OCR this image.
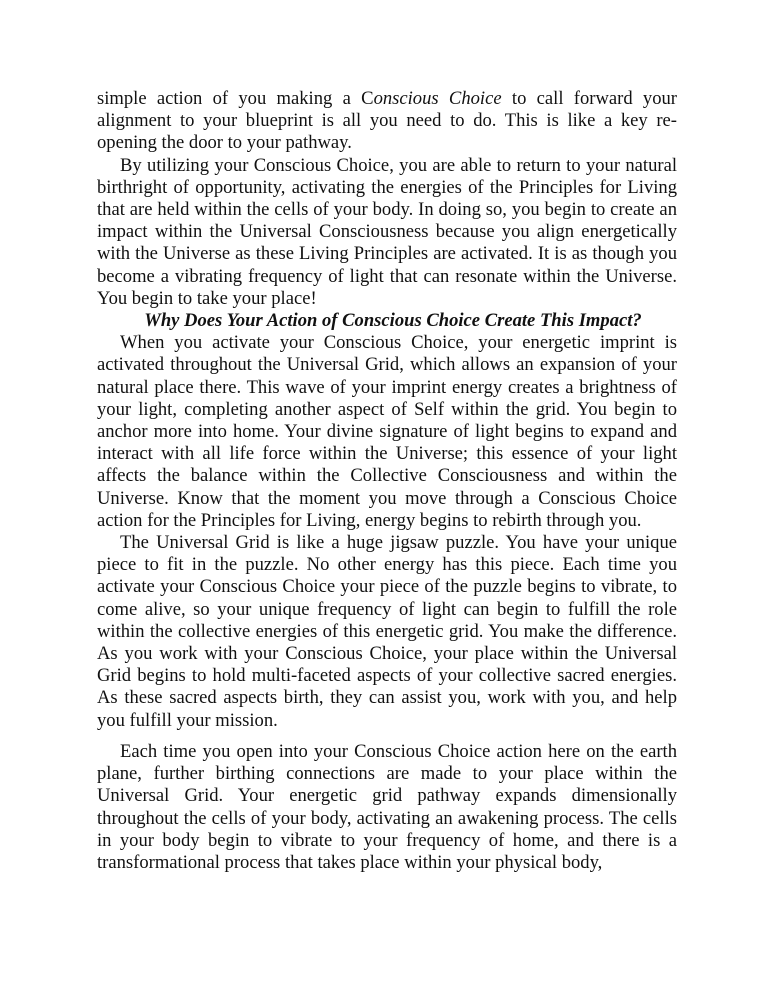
simple action of you making a Conscious Choice to call forward your alignment to your blueprint is all you need to do. This is like a key re-opening the door to your pathway.

By utilizing your Conscious Choice, you are able to return to your natural birthright of opportunity, activating the energies of the Principles for Living that are held within the cells of your body. In doing so, you begin to create an impact within the Universal Consciousness because you align energetically with the Universe as these Living Principles are activated. It is as though you become a vibrating frequency of light that can resonate within the Universe. You begin to take your place!

Why Does Your Action of Conscious Choice Create This Impact?

When you activate your Conscious Choice, your energetic imprint is activated throughout the Universal Grid, which allows an expansion of your natural place there. This wave of your imprint energy creates a brightness of your light, completing another aspect of Self within the grid. You begin to anchor more into home. Your divine signature of light begins to expand and interact with all life force within the Universe; this essence of your light affects the balance within the Collective Consciousness and within the Universe. Know that the moment you move through a Conscious Choice action for the Principles for Living, energy begins to rebirth through you.

The Universal Grid is like a huge jigsaw puzzle. You have your unique piece to fit in the puzzle. No other energy has this piece. Each time you activate your Conscious Choice your piece of the puzzle begins to vibrate, to come alive, so your unique frequency of light can begin to fulfill the role within the collective energies of this energetic grid. You make the difference. As you work with your Conscious Choice, your place within the Universal Grid begins to hold multi-faceted aspects of your collective sacred energies. As these sacred aspects birth, they can assist you, work with you, and help you fulfill your mission.

Each time you open into your Conscious Choice action here on the earth plane, further birthing connections are made to your place within the Universal Grid. Your energetic grid pathway expands dimensionally throughout the cells of your body, activating an awakening process. The cells in your body begin to vibrate to your frequency of home, and there is a transformational process that takes place within your physical body,
